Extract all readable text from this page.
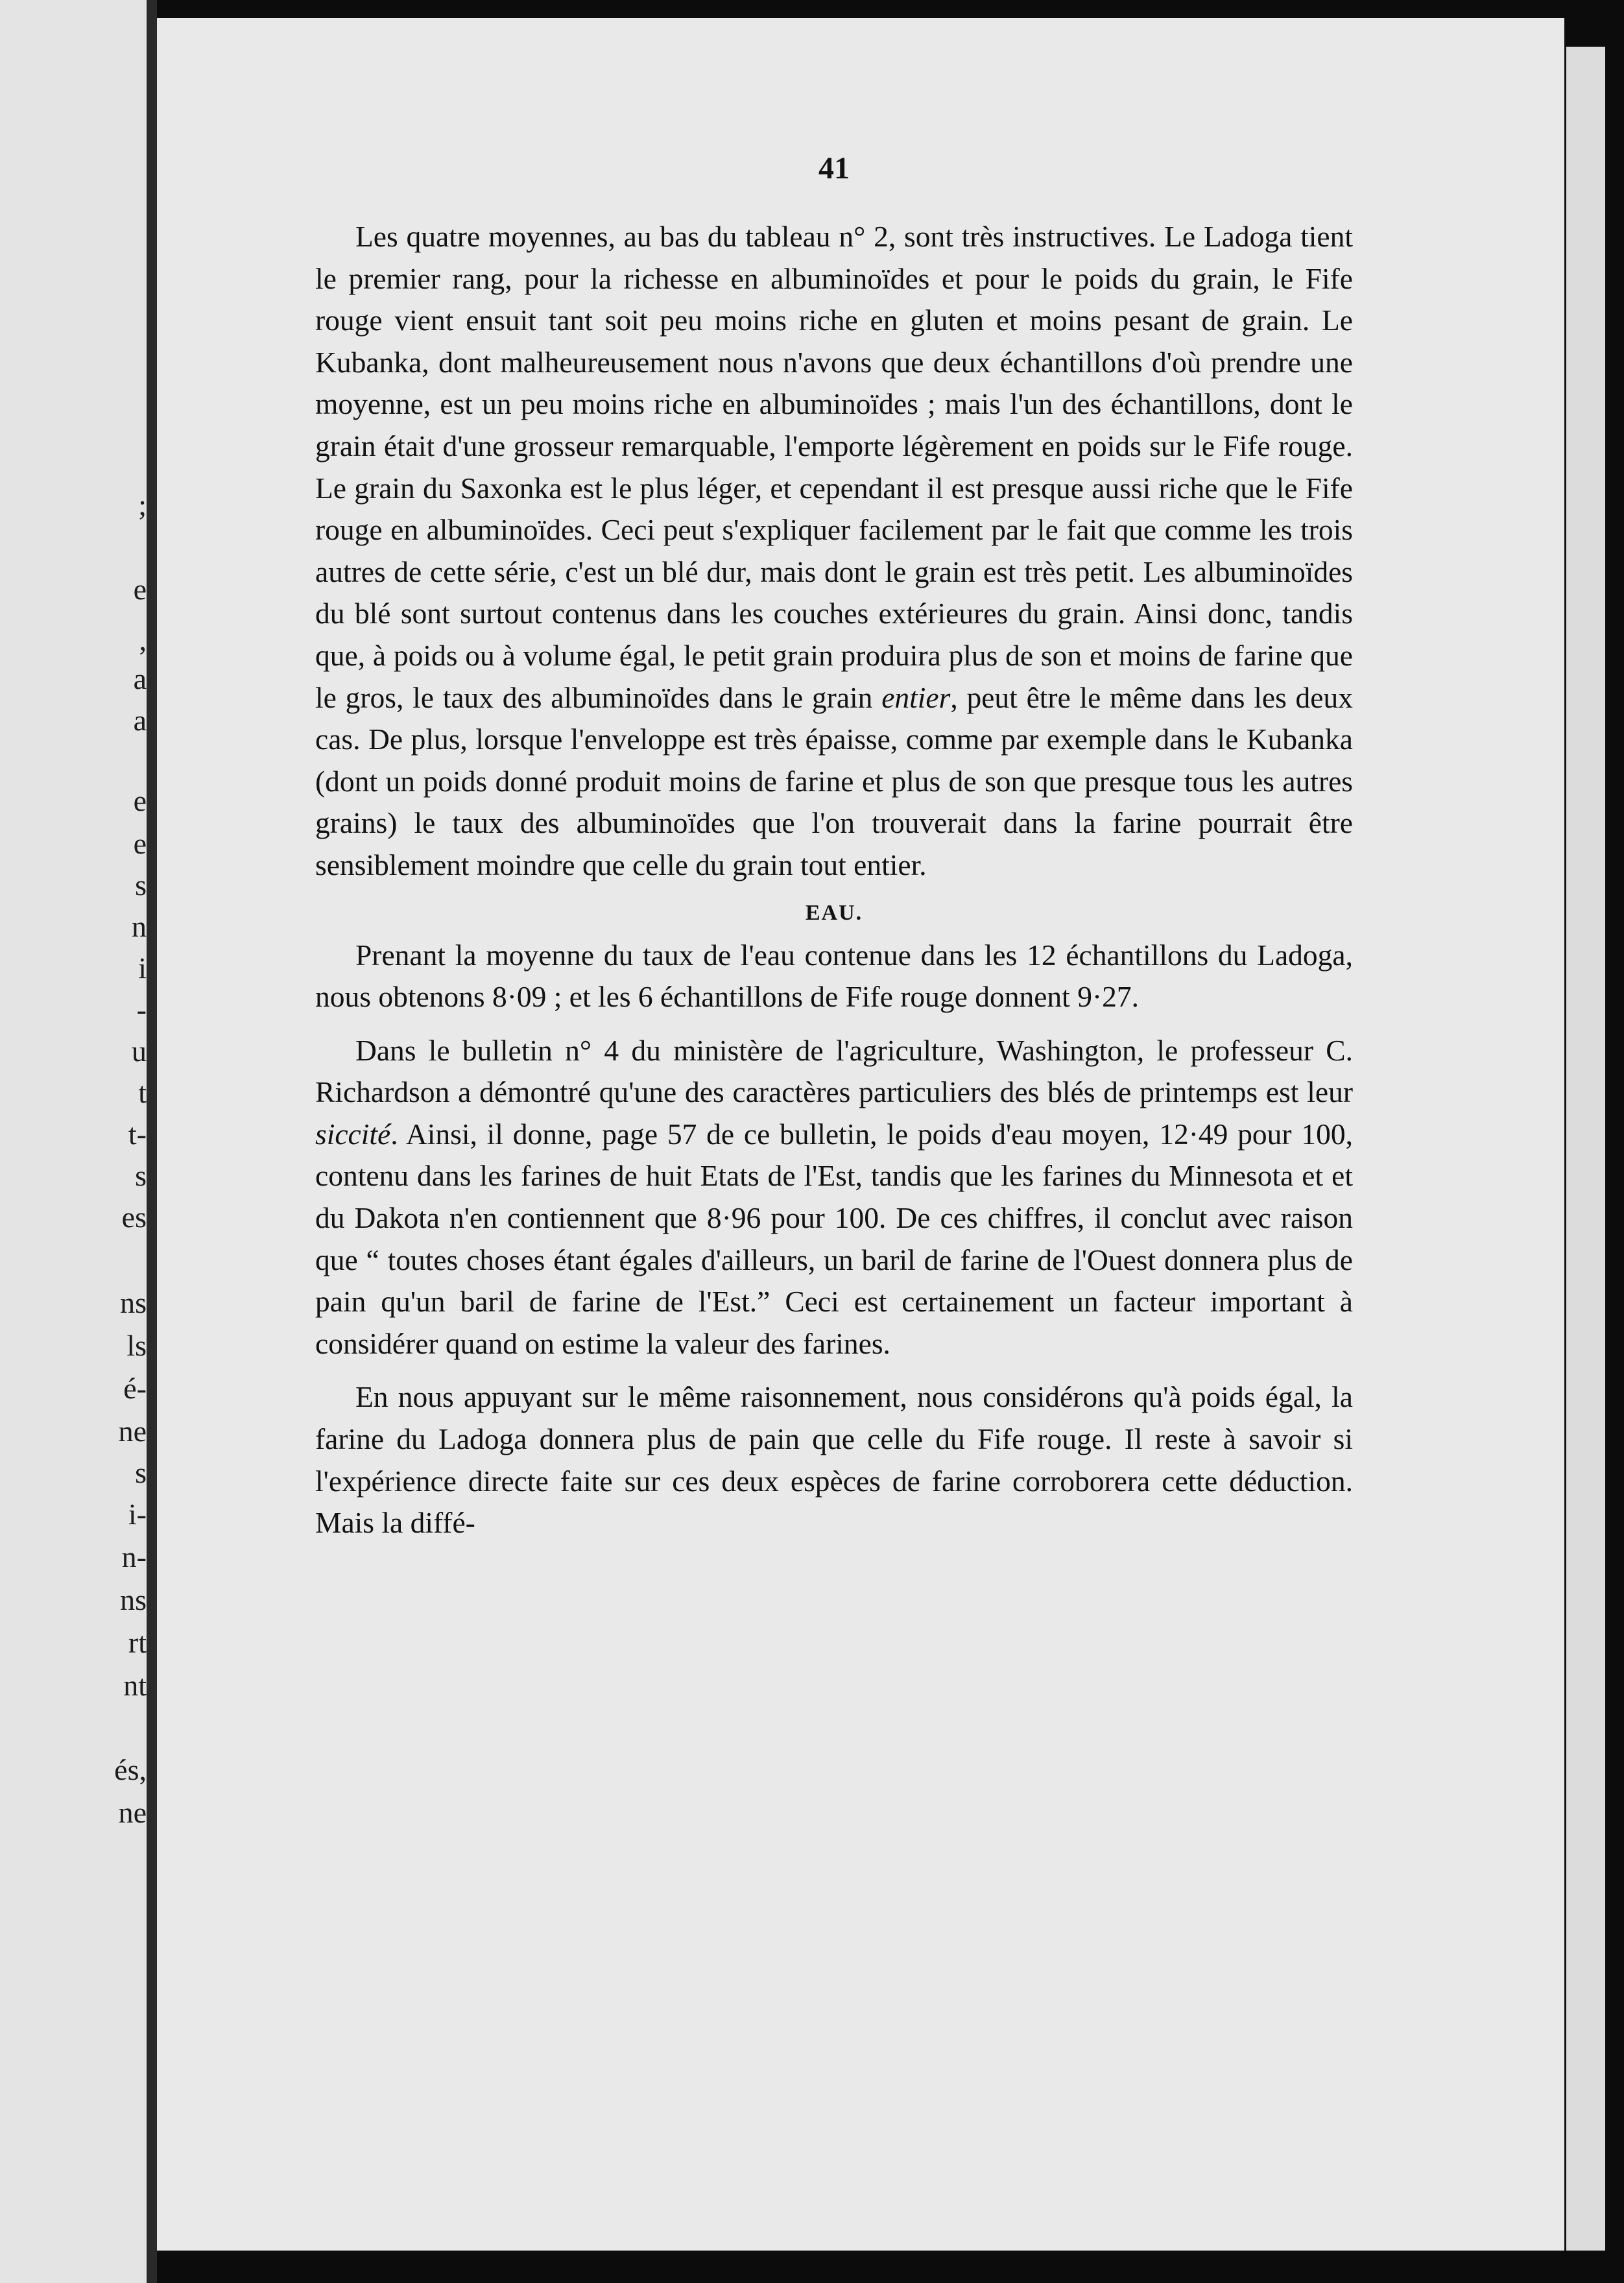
;
e
,
a
a
e
e
s
n
i
-
u
t
t-
s
es
ns
ls
é-
ne
s
i-
n-
ns
rt
nt
és,
ne
41

Les quatre moyennes, au bas du tableau n° 2, sont très instructives. Le Ladoga tient le premier rang, pour la richesse en albuminoïdes et pour le poids du grain, le Fife rouge vient ensuit tant soit peu moins riche en gluten et moins pesant de grain. Le Kubanka, dont malheureusement nous n'avons que deux échantillons d'où prendre une moyenne, est un peu moins riche en albuminoïdes ; mais l'un des échantillons, dont le grain était d'une grosseur remarquable, l'emporte légèrement en poids sur le Fife rouge. Le grain du Saxonka est le plus léger, et cependant il est presque aussi riche que le Fife rouge en albuminoïdes. Ceci peut s'expliquer facilement par le fait que comme les trois autres de cette série, c'est un blé dur, mais dont le grain est très petit. Les albuminoïdes du blé sont surtout contenus dans les couches extérieures du grain. Ainsi donc, tandis que, à poids ou à volume égal, le petit grain produira plus de son et moins de farine que le gros, le taux des albuminoïdes dans le grain entier, peut être le même dans les deux cas. De plus, lorsque l'enveloppe est très épaisse, comme par exemple dans le Kubanka (dont un poids donné produit moins de farine et plus de son que presque tous les autres grains) le taux des albuminoïdes que l'on trouverait dans la farine pourrait être sensiblement moindre que celle du grain tout entier.

EAU.

Prenant la moyenne du taux de l'eau contenue dans les 12 échantillons du Ladoga, nous obtenons 8·09 ; et les 6 échantillons de Fife rouge donnent 9·27.

Dans le bulletin n° 4 du ministère de l'agriculture, Washington, le professeur C. Richardson a démontré qu'une des caractères particuliers des blés de printemps est leur siccité. Ainsi, il donne, page 57 de ce bulletin, le poids d'eau moyen, 12·49 pour 100, contenu dans les farines de huit Etats de l'Est, tandis que les farines du Minnesota et et du Dakota n'en contiennent que 8·96 pour 100. De ces chiffres, il conclut avec raison que “ toutes choses étant égales d'ailleurs, un baril de farine de l'Ouest donnera plus de pain qu'un baril de farine de l'Est.” Ceci est certainement un facteur important à considérer quand on estime la valeur des farines.

En nous appuyant sur le même raisonnement, nous considérons qu'à poids égal, la farine du Ladoga donnera plus de pain que celle du Fife rouge. Il reste à savoir si l'expérience directe faite sur ces deux espèces de farine corroborera cette déduction. Mais la diffé-
